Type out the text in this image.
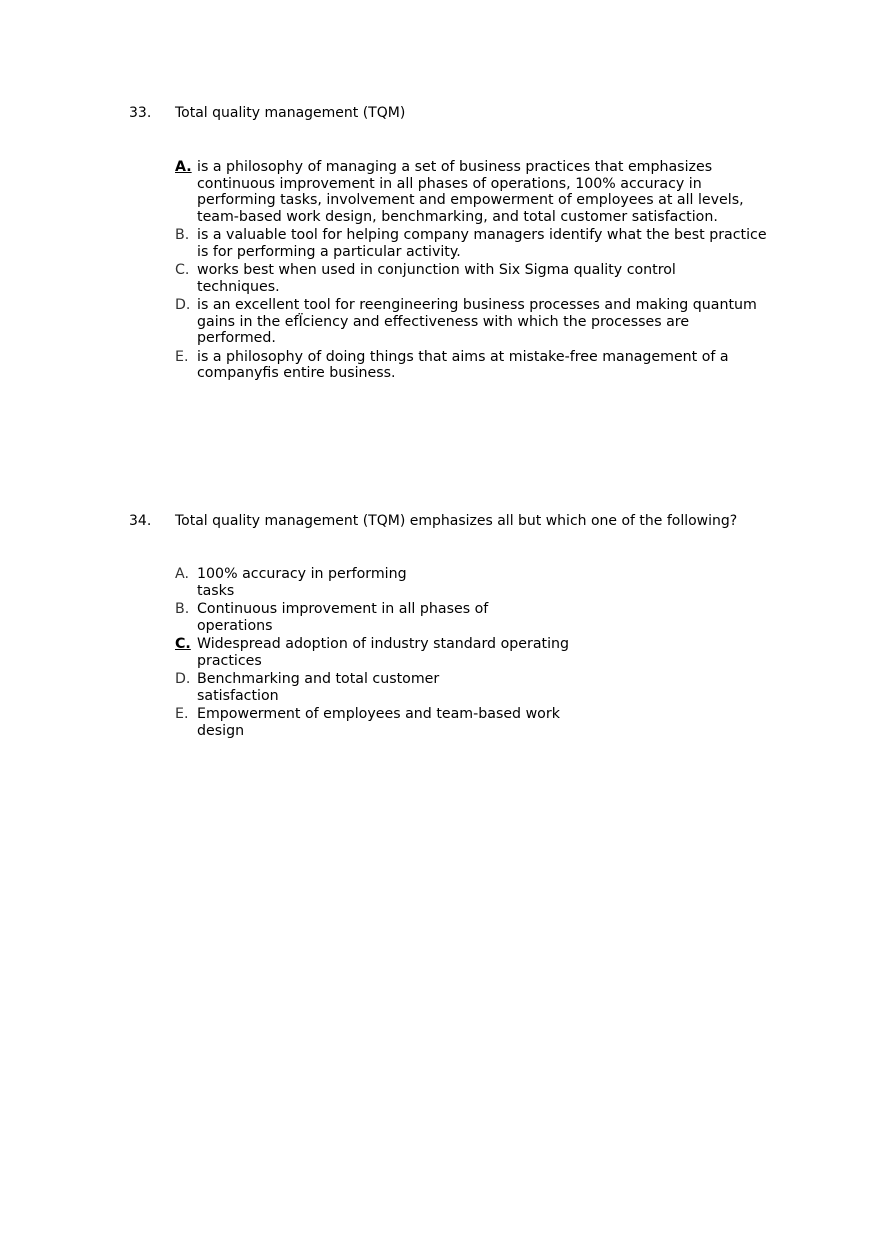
33.	Total quality management (TQM)
A. is a philosophy of managing a set of business practices that emphasizes continuous improvement in all phases of operations, 100% accuracy in performing tasks, involvement and empowerment of employees at all levels, team-based work design, benchmarking, and total customer satisfaction.
B. is a valuable tool for helping company managers identify what the best practice is for performing a particular activity.
C. works best when used in conjunction with Six Sigma quality control techniques.
D. is an excellent tool for reengineering business processes and making quantum gains in the efÏciency and effectiveness with which the processes are performed.
E. is a philosophy of doing things that aims at mistake-free management of a companyfis entire business.
34.	Total quality management (TQM) emphasizes all but which one of the following?
A. 100% accuracy in performing tasks
B. Continuous improvement in all phases of operations
C. Widespread adoption of industry standard operating practices
D. Benchmarking and total customer satisfaction
E. Empowerment of employees and team-based work design
